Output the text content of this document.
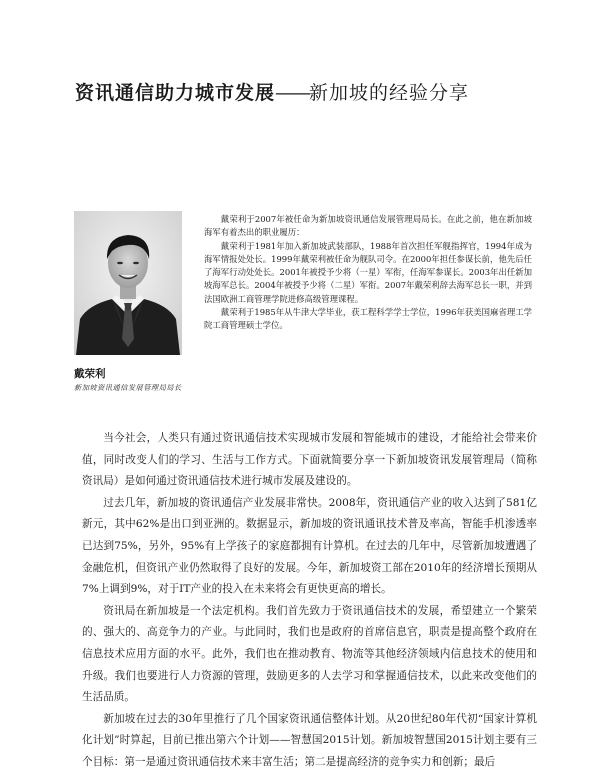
资讯通信助力城市发展——新加坡的经验分享

戴荣利于2007年被任命为新加坡资讯通信发展管理局局长。在此之前，他在新加坡海军有着杰出的职业履历：

戴荣利于1981年加入新加坡武装部队，1988年首次担任军舰指挥官，1994年成为海军情报处处长。1999年戴荣利被任命为舰队司令。在2000年担任参谋长前，他先后任了海军行动处处长。2001年被授予少将（一星）军衔，任海军参谋长。2003年出任新加坡海军总长。2004年被授予少将（二星）军衔。2007年戴荣利辞去海军总长一职，并到法国欧洲工商管理学院进修高级管理课程。

戴荣利于1985年从牛津大学毕业，获工程科学学士学位，1996年获美国麻省理工学院工商管理硕士学位。

戴荣利
新加坡资讯通信发展管理局局长

当今社会，人类只有通过资讯通信技术实现城市发展和智能城市的建设，才能给社会带来价值，同时改变人们的学习、生活与工作方式。下面就简要分享一下新加坡资讯发展管理局（简称资讯局）是如何通过资讯通信技术进行城市发展及建设的。

过去几年，新加坡的资讯通信产业发展非常快。2008年，资讯通信产业的收入达到了581亿新元，其中62%是出口到亚洲的。数据显示，新加坡的资讯通讯技术普及率高，智能手机渗透率已达到75%，另外，95%有上学孩子的家庭都拥有计算机。在过去的几年中，尽管新加坡遭遇了金融危机，但资讯产业仍然取得了良好的发展。今年，新加坡资工部在2010年的经济增长预期从7%上调到9%，对于IT产业的投入在未来将会有更快更高的增长。

资讯局在新加坡是一个法定机构。我们首先致力于资讯通信技术的发展，希望建立一个繁荣的、强大的、高竞争力的产业。与此同时，我们也是政府的首席信息官，职责是提高整个政府在信息技术应用方面的水平。此外，我们也在推动教育、物流等其他经济领域内信息技术的使用和升级。我们也要进行人力资源的管理，鼓励更多的人去学习和掌握通信技术，以此来改变他们的生活品质。

新加坡在过去的30年里推行了几个国家资讯通信整体计划。从20世纪80年代初“国家计算机化计划”时算起，目前已推出第六个计划——智慧国2015计划。新加坡智慧国2015计划主要有三个目标：第一是通过资讯通信技术来丰富生活；第二是提高经济的竞争实力和创新；最后
